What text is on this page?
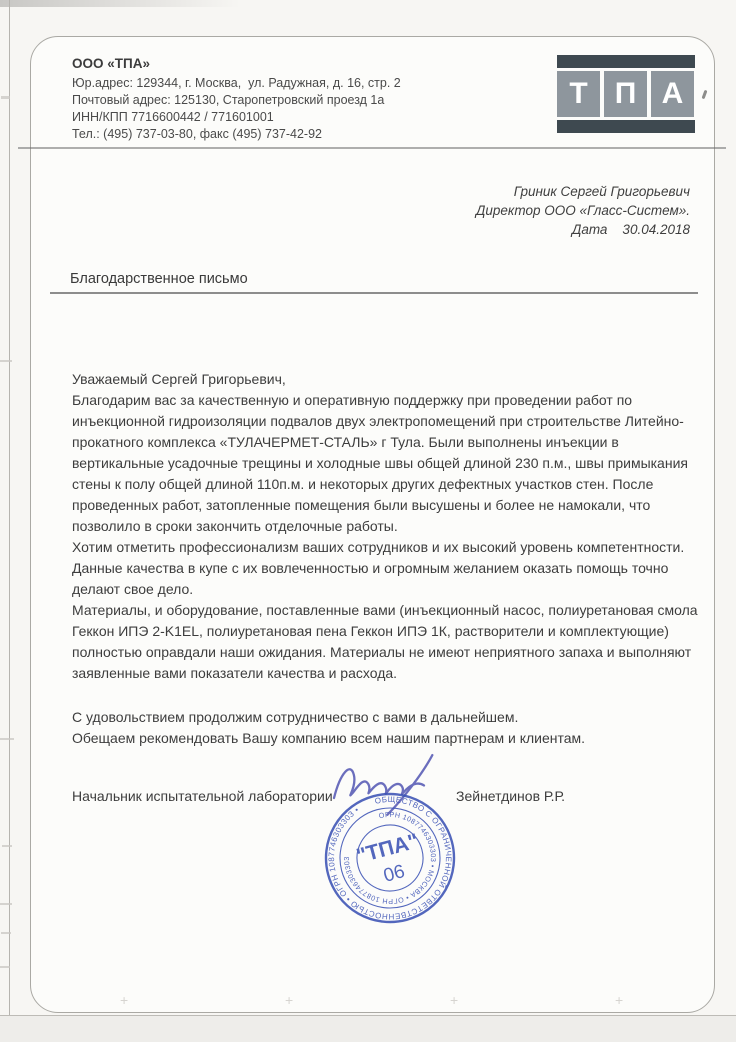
ООО «ТПА»
Юр.адрес: 129344, г. Москва,  ул. Радужная, д. 16, стр. 2
Почтовый адрес: 125130, Старопетровский проезд 1а
ИНН/КПП 7716600442 / 771601001
Тел.: (495) 737-03-80, факс (495) 737-42-92
Т П А
Гриник Сергей Григорьевич
Директор ООО «Гласс-Систем».
Дата    30.04.2018
Благодарственное письмо
Уважаемый Сергей Григорьевич,
Благодарим вас за качественную и оперативную поддержку при проведении работ по
инъекционной гидроизоляции подвалов двух электропомещений при строительстве Литейно-
прокатного комплекса «ТУЛАЧЕРМЕТ-СТАЛЬ» г Тула. Были выполнены инъекции в
вертикальные усадочные трещины и холодные швы общей длиной 230 п.м., швы примыкания
стены к полу общей длиной 110п.м. и некоторых других дефектных участков стен. После
проведенных работ, затопленные помещения были высушены и более не намокали, что
позволило в сроки закончить отделочные работы.
Хотим отметить профессионализм ваших сотрудников и их высокий уровень компетентности.
Данные качества в купе с их вовлеченностью и огромным желанием оказать помощь точно
делают свое дело.
Материалы, и оборудование, поставленные вами (инъекционный насос, полиуретановая смола
Геккон ИПЭ 2-K1EL, полиуретановая пена Геккон ИПЭ 1К, растворители и комплектующие)
полностью оправдали наши ожидания. Материалы не имеют неприятного запаха и выполняют
заявленные вами показатели качества и расхода.
С удовольствием продолжим сотрудничество с вами в дальнейшем.
Обещаем рекомендовать Вашу компанию всем нашим партнерам и клиентам.
Начальник испытательной лаборатории	Зейнетдинов Р.Р.
ОБЩЕСТВО С ОГРАНИЧЕННОЙ ОТВЕТСТВЕННОСТЬЮ • ОГРН 1087746303303 •
ОГРН 1087746303303 • МОСКВА • ОГРН 1087746303303 "ТПА"
06
+	+	+	+
